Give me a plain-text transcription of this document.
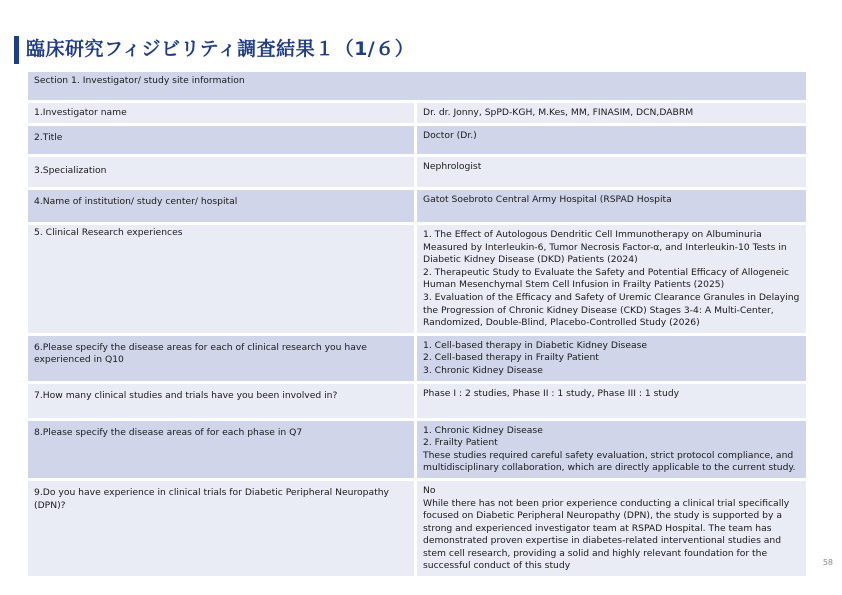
臨床研究フィジビリティ調査結果１（1/６）
Section 1. Investigator/ study site information	
1.Investigator name	Dr. dr. Jonny, SpPD-KGH, M.Kes, MM, FINASIM, DCN,DABRM

2.Title	Doctor (Dr.)

3.Specialization	Nephrologist

4.Name of institution/ study center/ hospital	Gatot Soebroto Central Army Hospital (RSPAD Hospita

5. Clinical Research experiences	1. The Effect of Autologous Dendritic Cell Immunotherapy on Albuminuria Measured by Interleukin-6, Tumor Necrosis Factor-α, and Interleukin-10 Tests in Diabetic Kidney Disease (DKD) Patients (2024)
2. Therapeutic Study to Evaluate the Safety and Potential Efficacy of Allogeneic Human Mesenchymal Stem Cell Infusion in Frailty Patients (2025)
3. Evaluation of the Efficacy and Safety of Uremic Clearance Granules in Delaying the Progression of Chronic Kidney Disease (CKD) Stages 3-4: A Multi-Center, Randomized, Double-Blind, Placebo-Controlled Study (2026)

6.Please specify the disease areas for each of clinical research you have experienced in Q10	1. Cell-based therapy in Diabetic Kidney Disease
2. Cell-based therapy in Frailty Patient
3. Chronic Kidney Disease

7.How many clinical studies and trials have you been involved in?	Phase I : 2 studies, Phase II : 1 study, Phase III : 1 study

8.Please specify the disease areas of for each phase in Q7	1. Chronic Kidney Disease
2. Frailty Patient
These studies required careful safety evaluation, strict protocol compliance, and multidisciplinary collaboration, which are directly applicable to the current study.

9.Do you have experience in clinical trials for Diabetic Peripheral Neuropathy (DPN)?	No
While there has not been prior experience conducting a clinical trial specifically focused on Diabetic Peripheral Neuropathy (DPN), the study is supported by a strong and experienced investigator team at RSPAD Hospital. The team has demonstrated proven expertise in diabetes-related interventional studies and stem cell research, providing a solid and highly relevant foundation for the successful conduct of this study	58
